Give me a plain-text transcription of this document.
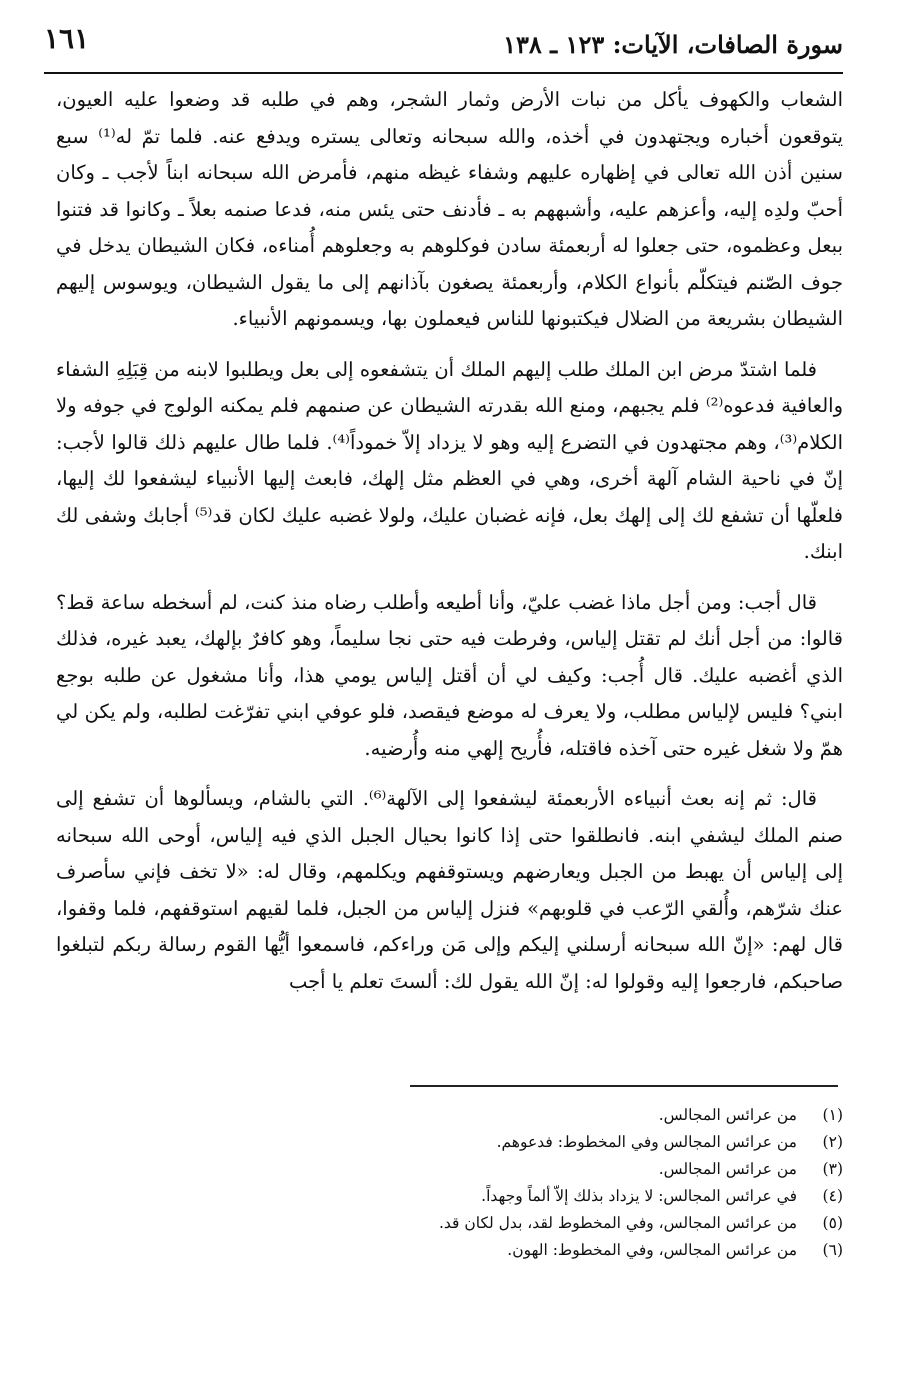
سورة الصافات، الآيات: ١٢٣ ـ ١٣٨
١٦١

الشعاب والكهوف يأكل من نبات الأرض وثمار الشجر، وهم في طلبه قد وضعوا عليه العيون، يتوقعون أخباره ويجتهدون في أخذه، والله سبحانه وتعالى يستره ويدفع عنه. فلما تمّ له⁽¹⁾ سبع سنين أذن الله تعالى في إظهاره عليهم وشفاء غيظه منهم، فأمرض الله سبحانه ابناً لأجب ـ وكان أحبّ ولدِه إليه، وأعزهم عليه، وأشبههم به ـ فأدنف حتى يئس منه، فدعا صنمه بعلاً ـ وكانوا قد فتنوا ببعل وعظموه، حتى جعلوا له أربعمئة سادن فوكلوهم به وجعلوهم أُمناءه، فكان الشيطان يدخل في جوف الصّنم فيتكلّم بأنواع الكلام، وأربعمئة يصغون بآذانهم إلى ما يقول الشيطان، ويوسوس إليهم الشيطان بشريعة من الضلال فيكتبونها للناس فيعملون بها، ويسمونهم الأنبياء.

فلما اشتدّ مرض ابن الملك طلب إليهم الملك أن يتشفعوه إلى بعل ويطلبوا لابنه من قِبَلِهِ الشفاء والعافية فدعوه⁽²⁾ فلم يجبهم، ومنع الله بقدرته الشيطان عن صنمهم فلم يمكنه الولوج في جوفه ولا الكلام⁽³⁾، وهم مجتهدون في التضرع إليه وهو لا يزداد إلاّ خموداً⁽⁴⁾. فلما طال عليهم ذلك قالوا لأجب: إنّ في ناحية الشام آلهة أخرى، وهي في العظم مثل إلهك، فابعث إليها الأنبياء ليشفعوا لك إليها، فلعلّها أن تشفع لك إلى إلهك بعل، فإنه غضبان عليك، ولولا غضبه عليك لكان قد⁽⁵⁾ أجابك وشفى لك ابنك.

قال أجب: ومن أجل ماذا غضب عليّ، وأنا أطيعه وأطلب رضاه منذ كنت، لم أسخطه ساعة قط؟ قالوا: من أجل أنك لم تقتل إلياس، وفرطت فيه حتى نجا سليماً، وهو كافرٌ بإلهك، يعبد غيره، فذلك الذي أغضبه عليك. قال أُجب: وكيف لي أن أقتل إلياس يومي هذا، وأنا مشغول عن طلبه بوجع ابني؟ فليس لإلياس مطلب، ولا يعرف له موضع فيقصد، فلو عوفي ابني تفرّغت لطلبه، ولم يكن لي همّ ولا شغل غيره حتى آخذه فاقتله، فأُريح إلهي منه وأُرضيه.

قال: ثم إنه بعث أنبياءه الأربعمئة ليشفعوا إلى الآلهة⁽⁶⁾. التي بالشام، ويسألوها أن تشفع إلى صنم الملك ليشفي ابنه. فانطلقوا حتى إذا كانوا بحيال الجبل الذي فيه إلياس، أوحى الله سبحانه إلى إلياس أن يهبط من الجبل ويعارضهم ويستوقفهم ويكلمهم، وقال له: «لا تخف فإني سأصرف عنك شرّهم، وأُلقي الرّعب في قلوبهم» فنزل إلياس من الجبل، فلما لقيهم استوقفهم، فلما وقفوا، قال لهم: «إنّ الله سبحانه أرسلني إليكم وإلى مَن وراءكم، فاسمعوا أيُّها القوم رسالة ربكم لتبلغوا صاحبكم، فارجعوا إليه وقولوا له: إنّ الله يقول لك: ألستَ تعلم يا أجب

(١)
من عرائس المجالس.
(٢)
من عرائس المجالس وفي المخطوط: فدعوهم.
(٣)
من عرائس المجالس.
(٤)
في عرائس المجالس: لا يزداد بذلك إلاّ ألماً وجهداً.
(٥)
من عرائس المجالس، وفي المخطوط لقد، بدل لكان قد.
(٦)
من عرائس المجالس، وفي المخطوط: الهون.
